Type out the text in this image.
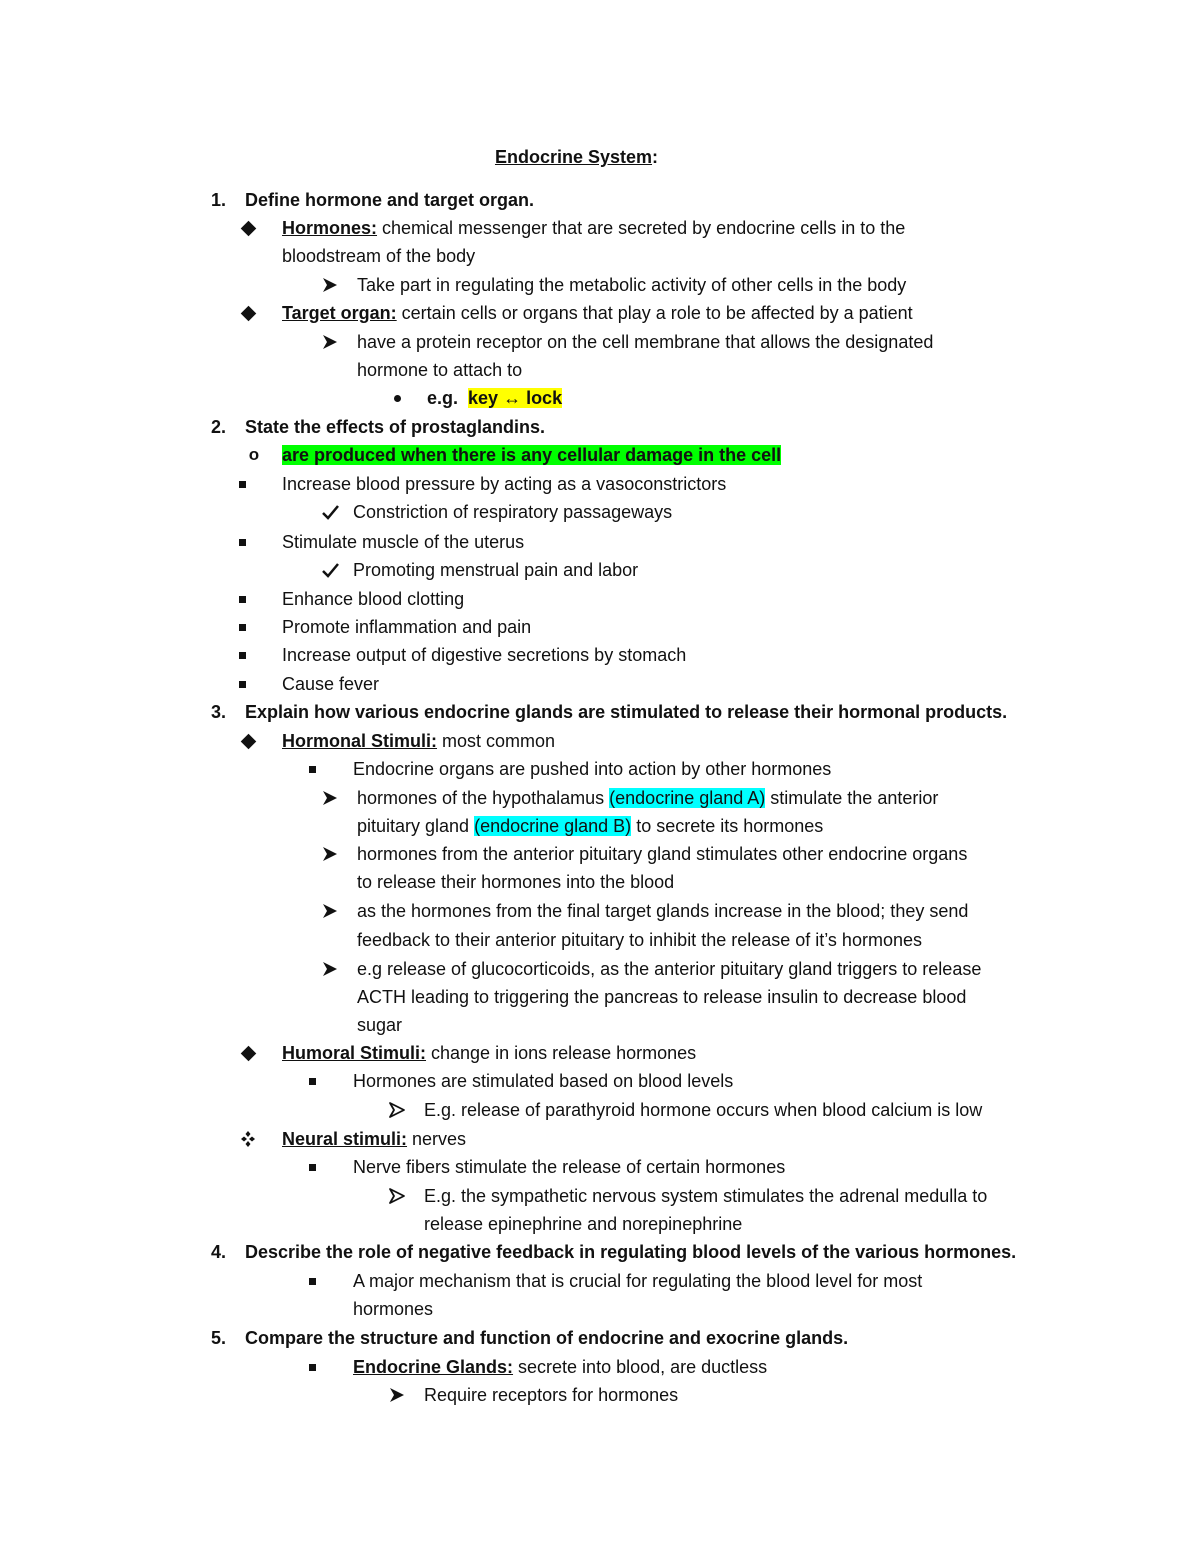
Endocrine System:
1. Define hormone and target organ.
Hormones: chemical messenger that are secreted by endocrine cells in to the
bloodstream of the body
Take part in regulating the metabolic activity of other cells in the body
Target organ: certain cells or organs that play a role to be affected by a patient
have a protein receptor on the cell membrane that allows the designated
hormone to attach to
e.g. key ↔ lock
2. State the effects of prostaglandins.
o	are produced when there is any cellular damage in the cell
Increase blood pressure by acting as a vasoconstrictors
Constriction of respiratory passageways
Stimulate muscle of the uterus
Promoting menstrual pain and labor
Enhance blood clotting
Promote inflammation and pain
Increase output of digestive secretions by stomach
Cause fever
3. Explain how various endocrine glands are stimulated to release their hormonal products.
Hormonal Stimuli: most common
Endocrine organs are pushed into action by other hormones
hormones of the hypothalamus (endocrine gland A) stimulate the anterior
pituitary gland (endocrine gland B) to secrete its hormones
hormones from the anterior pituitary gland stimulates other endocrine organs
to release their hormones into the blood
as the hormones from the final target glands increase in the blood; they send
feedback to their anterior pituitary to inhibit the release of it’s hormones
e.g release of glucocorticoids, as the anterior pituitary gland triggers to release
ACTH leading to triggering the pancreas to release insulin to decrease blood
sugar
Humoral Stimuli: change in ions release hormones
Hormones are stimulated based on blood levels
E.g. release of parathyroid hormone occurs when blood calcium is low
Neural stimuli: nerves
Nerve fibers stimulate the release of certain hormones
E.g. the sympathetic nervous system stimulates the adrenal medulla to
release epinephrine and norepinephrine
4. Describe the role of negative feedback in regulating blood levels of the various hormones.
A major mechanism that is crucial for regulating the blood level for most
hormones
5. Compare the structure and function of endocrine and exocrine glands.
Endocrine Glands: secrete into blood, are ductless
Require receptors for hormones
